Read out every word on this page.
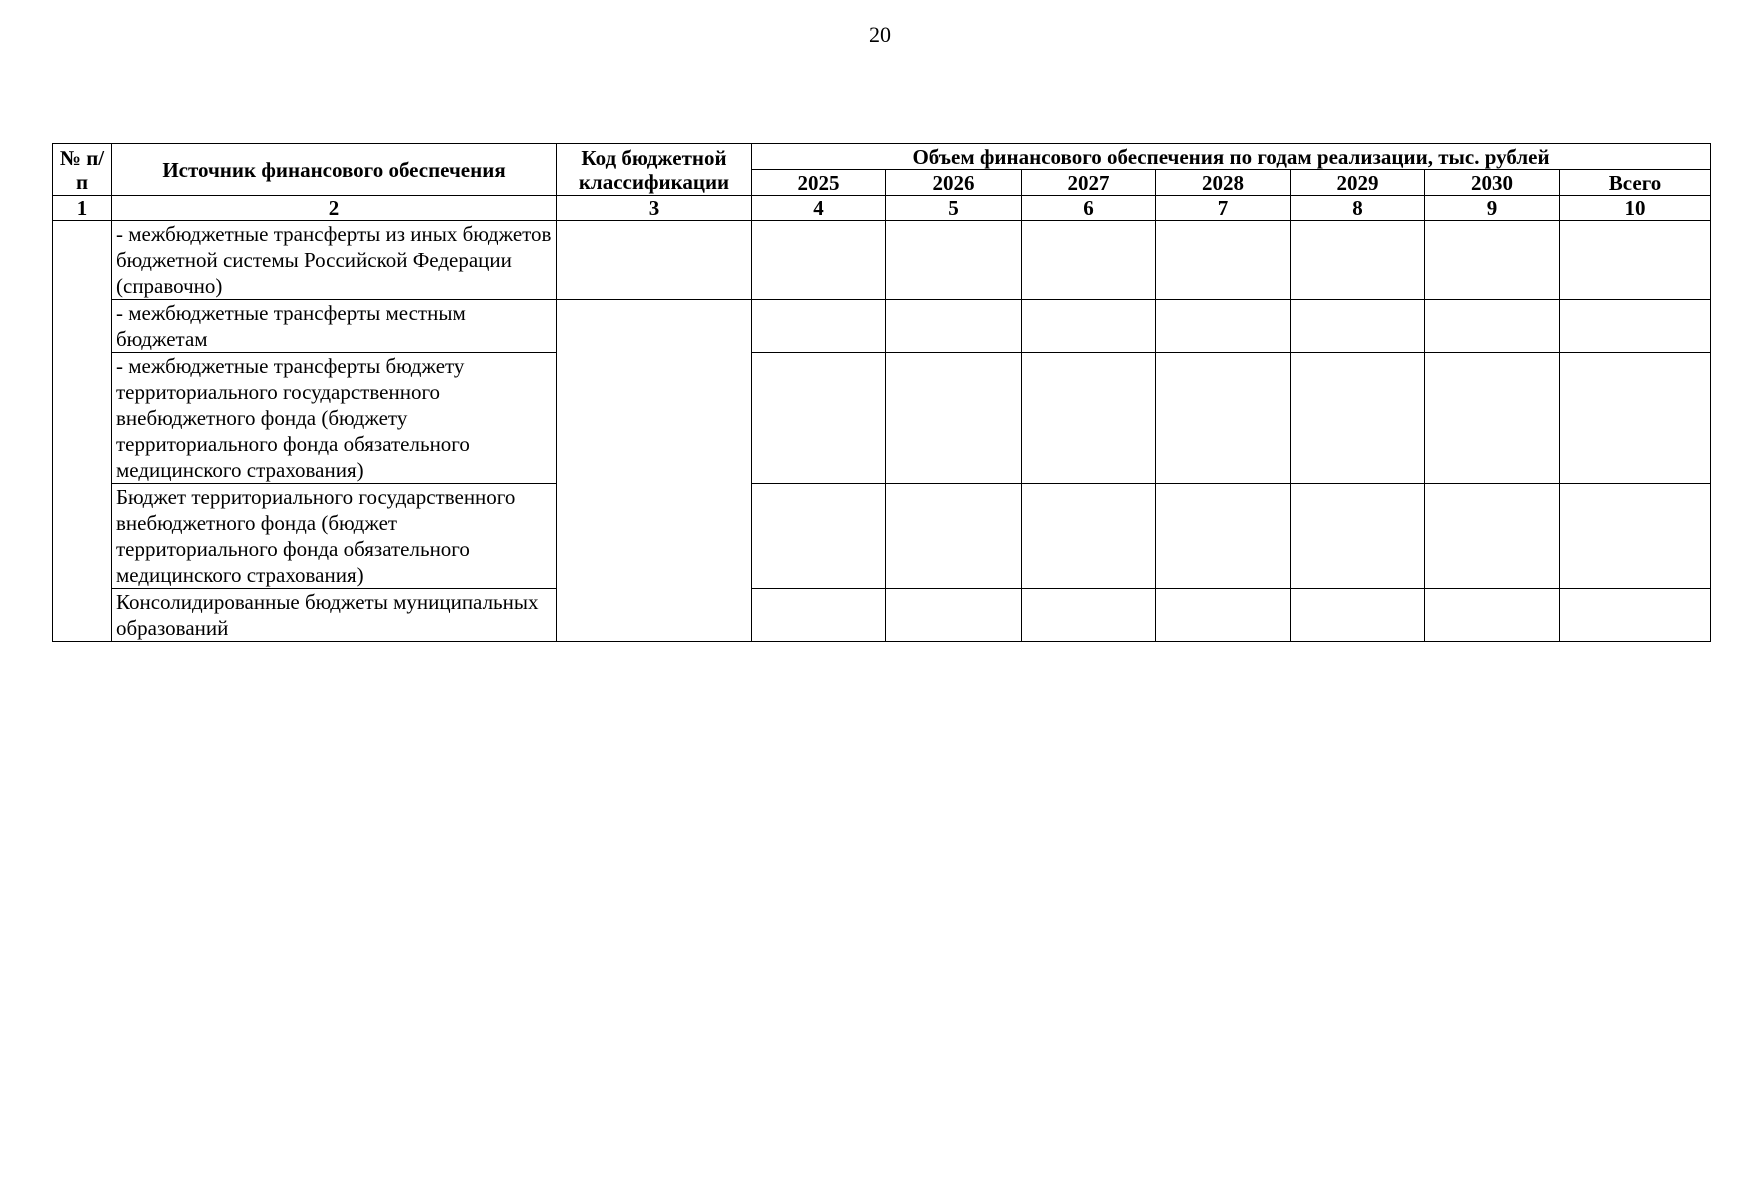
20
№ п/п	Источник финансового обеспечения	Код бюджетной классификации	Объем финансового обеспечения по годам реализации, тыс. рублей						
			2025	2026	2027	2028	2029	2030	Всего
1	2	3	4	5	6	7	8	9	10
	- межбюджетные трансферты из иных бюджетов бюджетной системы Российской Федерации (справочно)								
	- межбюджетные трансферты местным бюджетам								
	- межбюджетные трансферты бюджету территориального государственного внебюджетного фонда (бюджету территориального фонда обязательного медицинского страхования)								
	Бюджет территориального государственного внебюджетного фонда (бюджет территориального фонда обязательного медицинского страхования)								
	Консолидированные бюджеты муниципальных образований								
